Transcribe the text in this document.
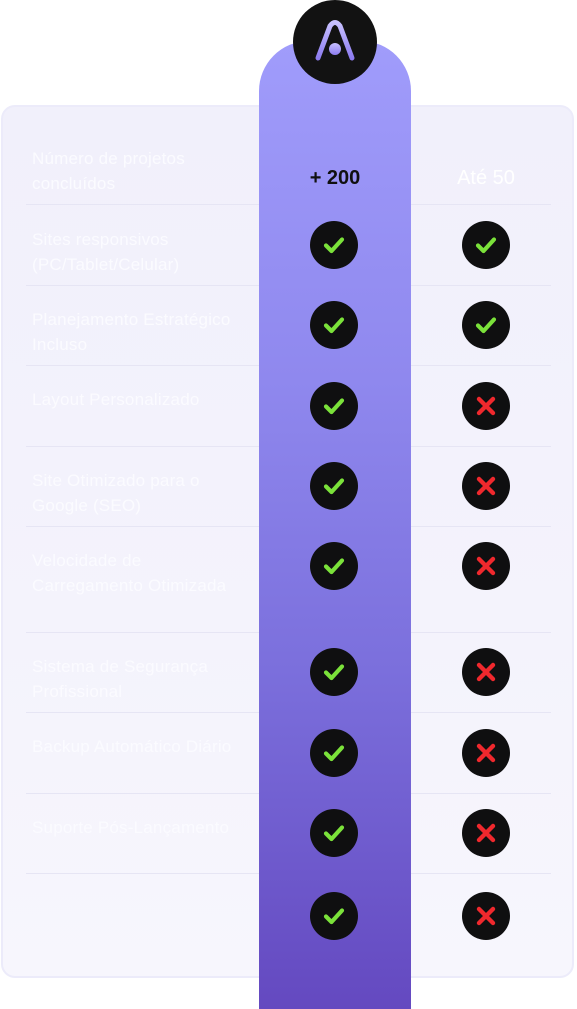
Número de projetos concluídos	+ 200	Até 50
Sites responsivos (PC/Tablet/Celular)
Planejamento Estratégico Incluso
Layout Personalizado
Site Otimizado para o Google (SEO)
Velocidade de Carregamento Otimizada
Sistema de Segurança Profissional
Backup Automático Diário
Suporte Pós-Lançamento
